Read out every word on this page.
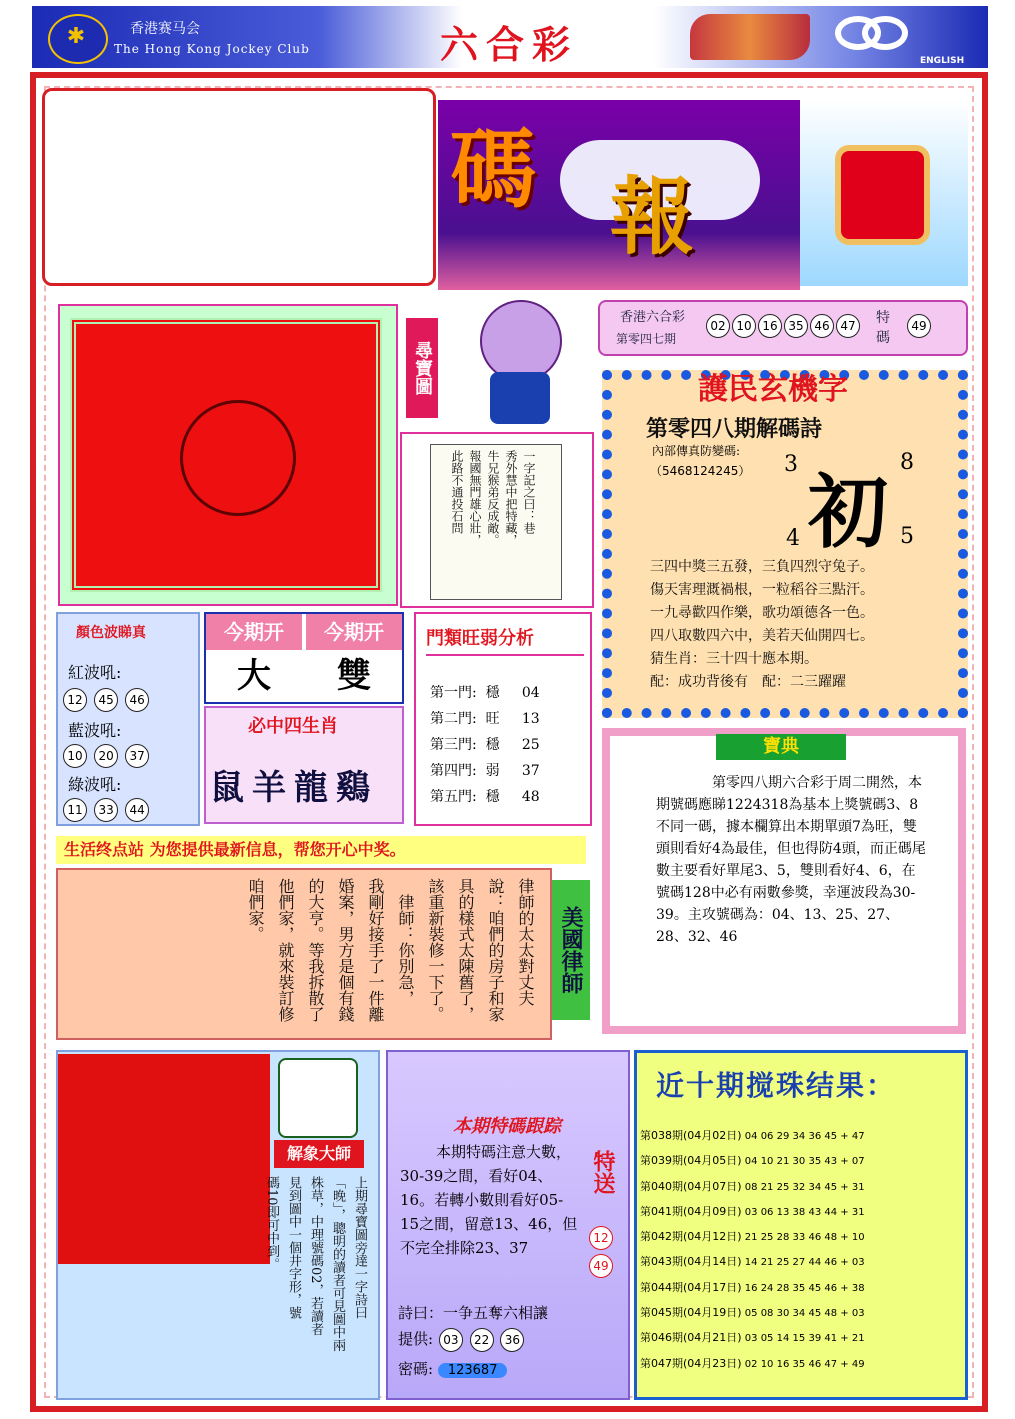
✱	香港赛马会
The Hong Kong Jockey Club	六合彩	ENGLISH
碼 報
尋寶圖
香港六合彩
第零四七期
02 10 16 35 46 47	特碼
49
護民玄機字
第零四八期解碼詩
內部傳真防變碼:
（5468124245） 初
3	8
4	5
三四中獎三五發，三負四烈守兔子。
傷天害理溉禍根，一粒稻谷三點汗。
一九尋歡四作樂，歌功頌德各一色。
四八取數四六中，美若天仙開四七。
猜生肖：三十四十應本期。
配：成功背後有　配：二三躍躍
一字記之曰：巷
秀外慧中把特藏，
牛兄猴弟反成敵。
報國無門雄心壯，
此路不通投石問
顏色波睇真
紅波吼:
12 45 46
藍波吼:
10 20 37
綠波吼:
11 33 44
今期开	今期开
大	雙
必中四生肖
鼠羊龍鷄
門類旺弱分析
第一門: 穩 04
第二門: 旺 13
第三門: 穩 25
第四門: 弱 37
第五門: 穩 48
寶典
第零四八期六合彩于周二開然，本期號碼應睇1224318為基本上獎號碼3、8不同一碼，據本欄算出本期單頭7為旺，雙頭則看好4為最佳，但也得防4頭，而正碼尾數主要看好單尾3、5，雙則看好4、6，在號碼128中必有兩數參獎，幸運波段為30-39。主攻號碼為：04、13、25、27、28、32、46
生活终点站 为您提供最新信息，帮您开心中奖。
美國律師
律師的太太對丈夫
說：咱們的房子和家
具的樣式太陳舊了，
該重新裝修一下了。
　律師：你別急，
我剛好接手了一件離
婚案，男方是個有錢
的大亨。等我拆散了
他們家，就來裝訂修
咱們家。
解象大師
上期尋寶圖旁達一字詩曰
「晚」，聰明的讀者可見圖中兩
株草，中理號碼02，若讀者
見到圖中一個井字形，號
碼10即可中到。
本期特碼跟踪
本期特碼注意大數，30-39之間，看好04、16。若轉小數則看好05-15之間，留意13、46，但不完全排除23、37
特送
12 49
詩曰：一争五奪六相讓
提供: 03 22 36
密碼: 123687
近十期搅珠结果：
第038期(04月02日) 04 06 29 34 36 45 + 47
第039期(04月05日) 04 10 21 30 35 43 + 07
第040期(04月07日) 08 21 25 32 34 45 + 31
第041期(04月09日) 03 06 13 38 43 44 + 31
第042期(04月12日) 21 25 28 33 46 48 + 10
第043期(04月14日) 14 21 25 27 44 46 + 03
第044期(04月17日) 16 24 28 35 45 46 + 38
第045期(04月19日) 05 08 30 34 45 48 + 03
第046期(04月21日) 03 05 14 15 39 41 + 21
第047期(04月23日) 02 10 16 35 46 47 + 49
